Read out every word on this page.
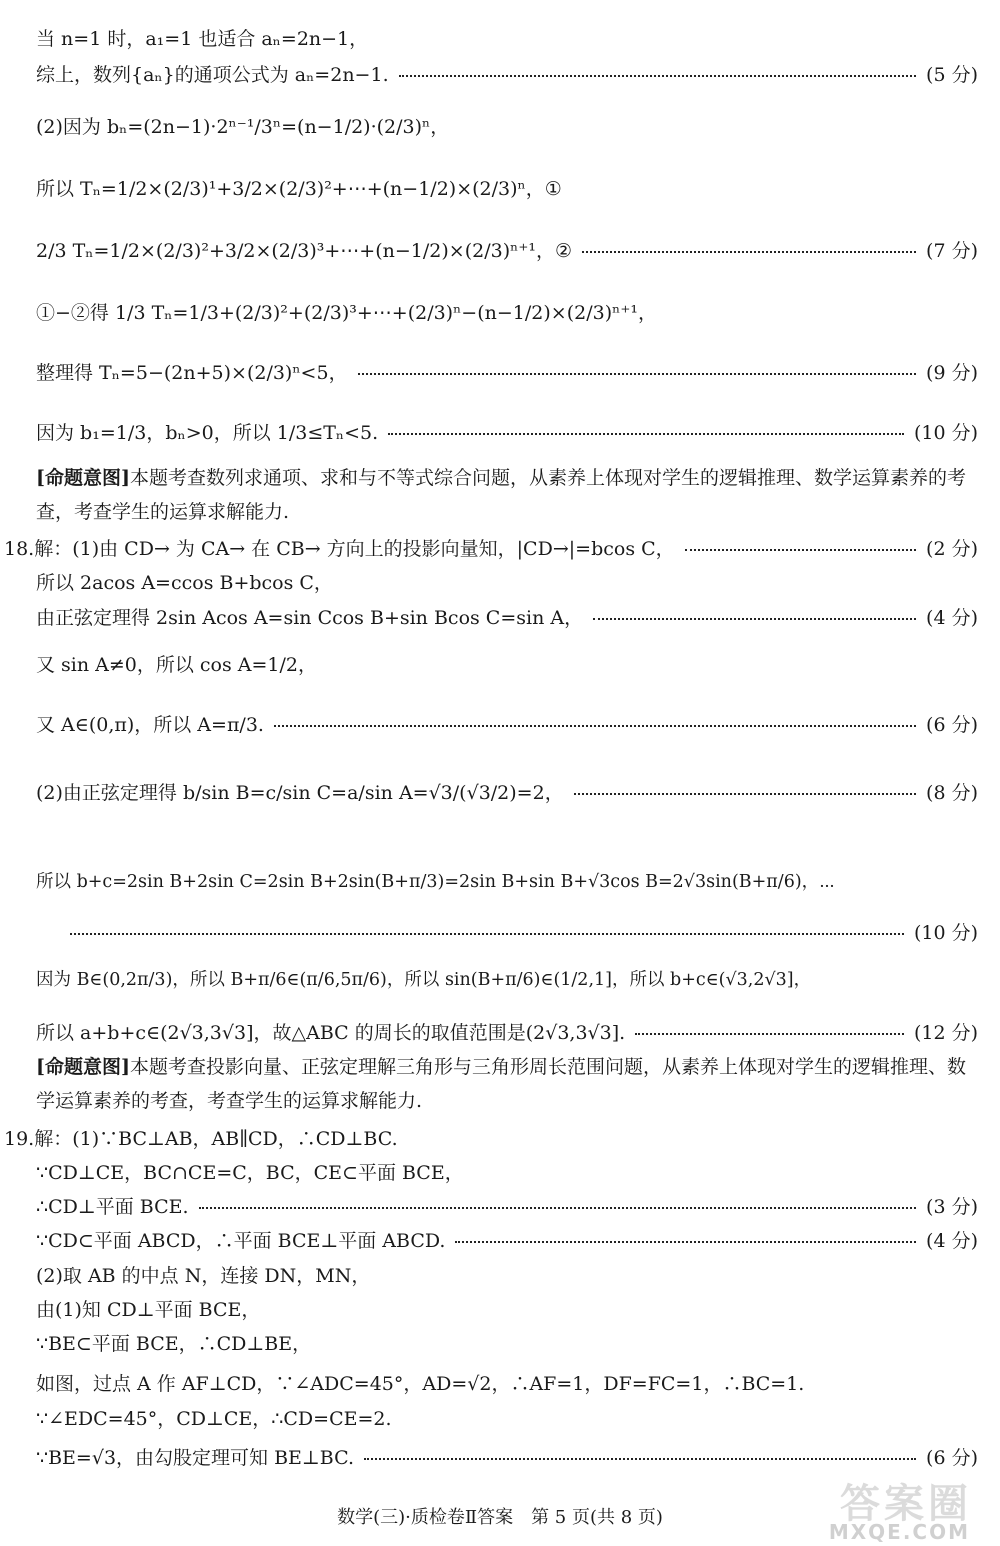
当 n=1 时，a₁=1 也适合 aₙ=2n−1，
综上，数列{aₙ}的通项公式为 aₙ=2n−1.	(5 分)
(2)因为 bₙ=(2n−1)·2ⁿ⁻¹/3ⁿ=(n−1/2)·(2/3)ⁿ，
所以 Tₙ=1/2×(2/3)¹+3/2×(2/3)²+⋯+(n−1/2)×(2/3)ⁿ，①
2/3 Tₙ=1/2×(2/3)²+3/2×(2/3)³+⋯+(n−1/2)×(2/3)ⁿ⁺¹，②	(7 分)
①−②得 1/3 Tₙ=1/3+(2/3)²+(2/3)³+⋯+(2/3)ⁿ−(n−1/2)×(2/3)ⁿ⁺¹，
整理得 Tₙ=5−(2n+5)×(2/3)ⁿ<5，	(9 分)
因为 b₁=1/3，bₙ>0，所以 1/3≤Tₙ<5.	(10 分)
[命题意图]本题考查数列求通项、求和与不等式综合问题，从素养上体现对学生的逻辑推理、数学运算素养的考查，考查学生的运算求解能力.
18.解：(1)由 CD→ 为 CA→ 在 CB→ 方向上的投影向量知，|CD→|=bcos C，	(2 分)
所以 2acos A=ccos B+bcos C，
由正弦定理得 2sin Acos A=sin Ccos B+sin Bcos C=sin A，	(4 分)
又 sin A≠0，所以 cos A=1/2，
又 A∈(0,π)，所以 A=π/3.	(6 分)
(2)由正弦定理得 b/sin B=c/sin C=a/sin A=√3/(√3/2)=2，	(8 分)
所以 b+c=2sin B+2sin C=2sin B+2sin(B+π/3)=2sin B+sin B+√3cos B=2√3sin(B+π/6)，⋯
(10 分)
因为 B∈(0,2π/3)，所以 B+π/6∈(π/6,5π/6)，所以 sin(B+π/6)∈(1/2,1]，所以 b+c∈(√3,2√3]，
所以 a+b+c∈(2√3,3√3]，故△ABC 的周长的取值范围是(2√3,3√3].	(12 分)
[命题意图]本题考查投影向量、正弦定理解三角形与三角形周长范围问题，从素养上体现对学生的逻辑推理、数学运算素养的考查，考查学生的运算求解能力.
19.解：(1)∵BC⊥AB，AB∥CD，∴CD⊥BC.
∵CD⊥CE，BC∩CE=C，BC，CE⊂平面 BCE，
∴CD⊥平面 BCE.	(3 分)
∵CD⊂平面 ABCD，∴平面 BCE⊥平面 ABCD.	(4 分)
(2)取 AB 的中点 N，连接 DN，MN，
由(1)知 CD⊥平面 BCE，
∵BE⊂平面 BCE，∴CD⊥BE，
如图，过点 A 作 AF⊥CD，∵∠ADC=45°，AD=√2，∴AF=1，DF=FC=1，∴BC=1.
∵∠EDC=45°，CD⊥CE，∴CD=CE=2.
∵BE=√3，由勾股定理可知 BE⊥BC.	(6 分)
数学(三)·质检卷Ⅱ答案　第 5 页(共 8 页)	答案圈
MXQE.COM
